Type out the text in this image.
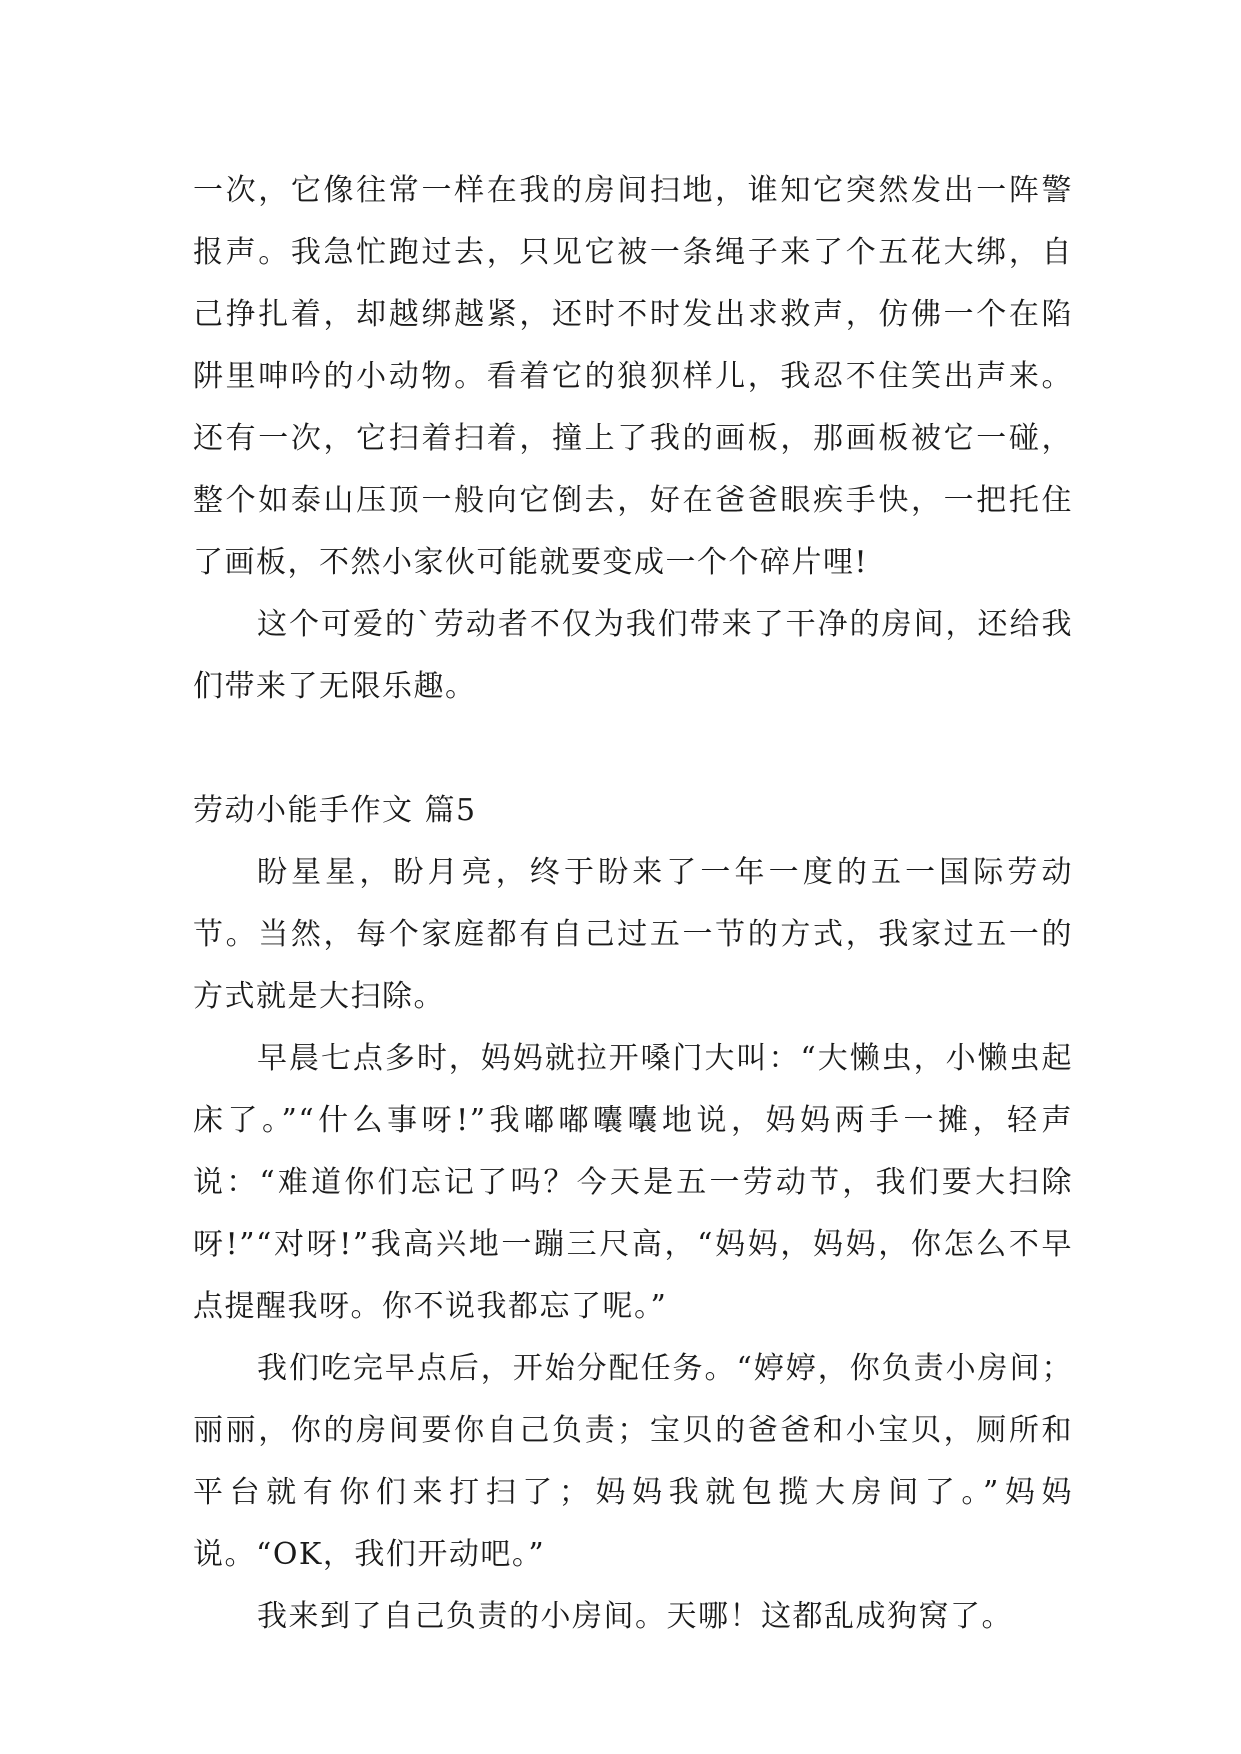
一次，它像往常一样在我的房间扫地，谁知它突然发出一阵警报声。我急忙跑过去，只见它被一条绳子来了个五花大绑，自己挣扎着，却越绑越紧，还时不时发出求救声，仿佛一个在陷阱里呻吟的小动物。看着它的狼狈样儿，我忍不住笑出声来。还有一次，它扫着扫着，撞上了我的画板，那画板被它一碰，整个如泰山压顶一般向它倒去，好在爸爸眼疾手快，一把托住了画板，不然小家伙可能就要变成一个个碎片哩!

这个可爱的`劳动者不仅为我们带来了干净的房间，还给我们带来了无限乐趣。

劳动小能手作文 篇5

盼星星，盼月亮，终于盼来了一年一度的五一国际劳动节。当然，每个家庭都有自己过五一节的方式，我家过五一的方式就是大扫除。

早晨七点多时，妈妈就拉开嗓门大叫：“大懒虫，小懒虫起床了。”“什么事呀!”我嘟嘟囔囔地说，妈妈两手一摊，轻声说：“难道你们忘记了吗？今天是五一劳动节，我们要大扫除呀!”“对呀!”我高兴地一蹦三尺高，“妈妈，妈妈，你怎么不早点提醒我呀。你不说我都忘了呢。”

我们吃完早点后，开始分配任务。“婷婷，你负责小房间；丽丽，你的房间要你自己负责；宝贝的爸爸和小宝贝，厕所和平台就有你们来打扫了；妈妈我就包揽大房间了。”妈妈说。“OK，我们开动吧。”

我来到了自己负责的小房间。天哪！这都乱成狗窝了。
